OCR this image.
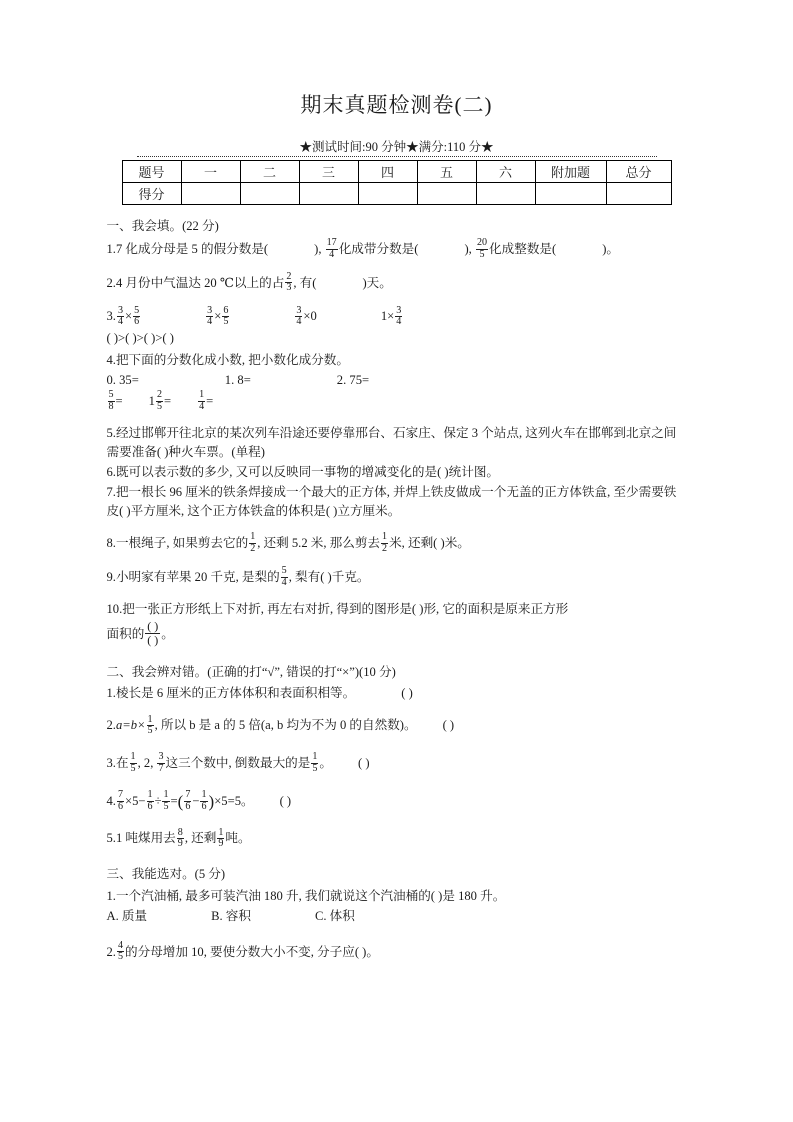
期末真题检测卷(二)
★测试时间:90 分钟★满分:110 分★
题号	一	二	三	四	五	六	附加题	总分
得分								
一、我会填。(22 分)
1.7 化成分母是 5 的假分数是(	), $\frac{17}{4}$ 化成带分数是(	), $\frac{20}{5}$ 化成整数是(	)。
2.4 月份中气温达 20 ℃以上的占 $\frac{2}{3}$ , 有(	)天。
3. $\frac{3}{4} \times \frac{5}{6}$	$\frac{3}{4} \times \frac{6}{5}$	$\frac{3}{4} \times 0$	$1\times \frac{3}{4}$
( )>( )>( )>( )
4.把下面的分数化成小数, 把小数化成分数。
0. 35=	1. 8=	2. 75=
$\frac{5}{8} = 1 \frac{2}{5}$ =	$\frac{1}{4}$ =
5.经过邯郸开往北京的某次列车沿途还要停靠邢台、石家庄、保定 3 个站点, 这列火车在邯郸到北京之间需要准备( )种火车票。(单程)
6.既可以表示数的多少, 又可以反映同一事物的增减变化的是( )统计图。
7.把一根长 96 厘米的铁条焊接成一个最大的正方体, 并焊上铁皮做成一个无盖的正方体铁盒, 至少需要铁皮( )平方厘米, 这个正方体铁盒的体积是( )立方厘米。
8.一根绳子, 如果剪去它的 $\frac{1}{2}$ , 还剩 5.2 米, 那么剪去 $\frac{1}{2}$ 米, 还剩( )米。
9.小明家有苹果 20 千克, 是梨的 $\frac{5}{4}$ , 梨有( )千克。
10.把一张正方形纸上下对折, 再左右对折, 得到的图形是( )形, 它的面积是原来正方形
面积的 $\frac{( )}{( )}$ 。
二、我会辨对错。(正确的打“√”, 错误的打“×”)(10 分)
1.棱长是 6 厘米的正方体体积和表面积相等。	( )
$2.a=b\times \frac{1}{5}$ , 所以 b 是 a 的 5 倍(a, b 均为不为 0 的自然数)。 ( )
3.在 $\frac{1}{5}$ , 2, $\frac{3}{7}$ 这三个数中, 倒数最大的是 $\frac{1}{5}$ 。 ( )
4. $\frac{7}{6} \times 5- \frac{1}{6} \div \frac{1}{5}$ =( $\frac{7}{6} - \frac{1}{6} )\times 5=5$。 ( )
5.1 吨煤用去 $\frac{8}{9}$ , 还剩 $\frac{1}{9}$ 吨。
三、我能选对。(5 分)
1.一个汽油桶, 最多可装汽油 180 升, 我们就说这个汽油桶的( )是 180 升。
A. 质量	B. 容积	C. 体积
2. $\frac{4}{5}$ 的分母增加 10, 要使分数大小不变, 分子应( )。
